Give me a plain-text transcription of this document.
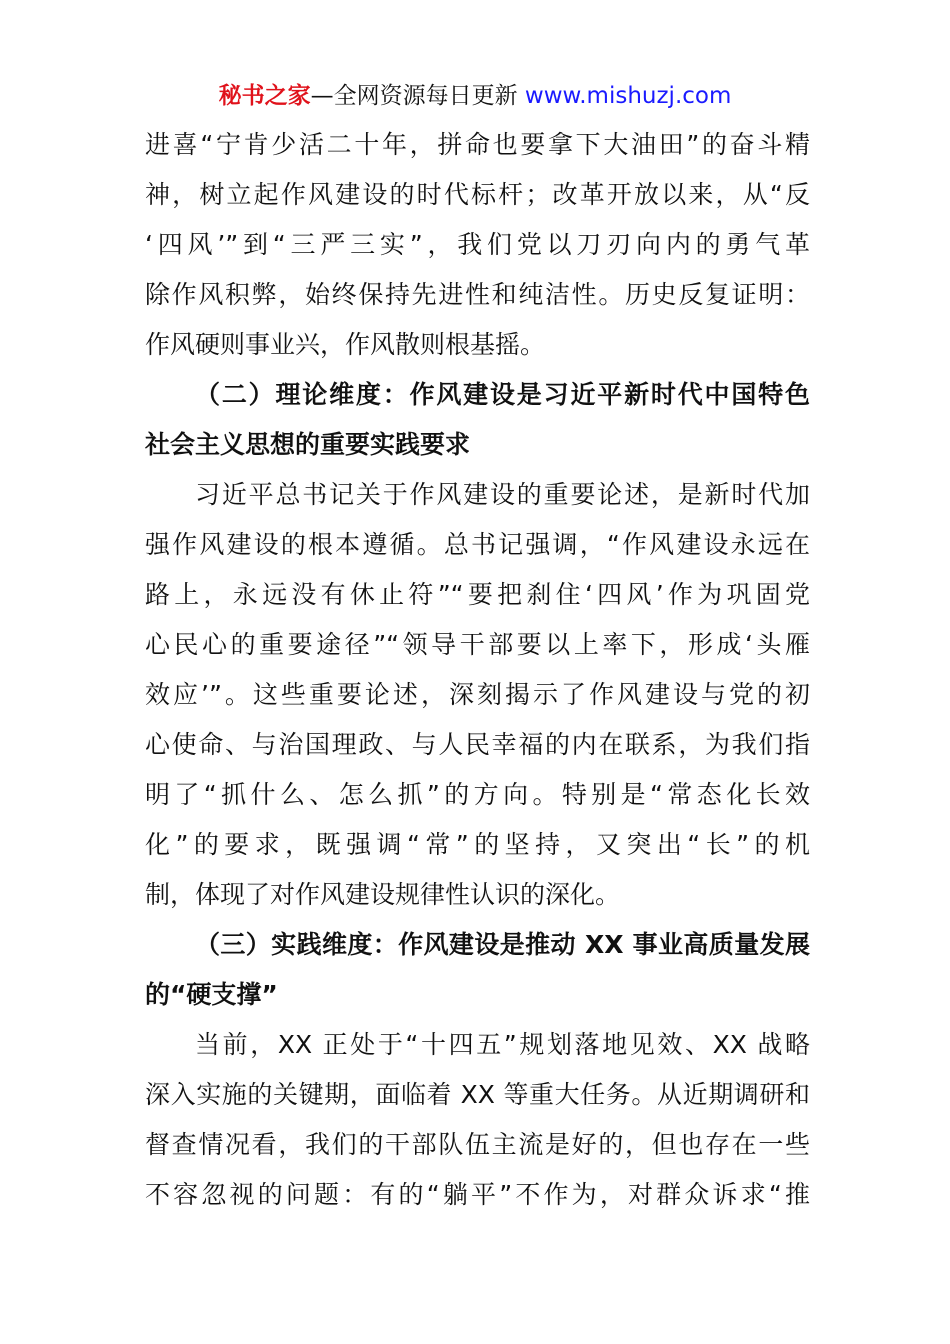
秘书之家—全网资源每日更新 www.mishuzj.com
进喜“宁肯少活二十年，拼命也要拿下大油田”的奋斗精
神，树立起作风建设的时代标杆；改革开放以来，从“反
‘四风’”到“三严三实”，我们党以刀刃向内的勇气革
除作风积弊，始终保持先进性和纯洁性。历史反复证明：
作风硬则事业兴，作风散则根基摇。
（二）理论维度：作风建设是习近平新时代中国特色
社会主义思想的重要实践要求
习近平总书记关于作风建设的重要论述，是新时代加
强作风建设的根本遵循。总书记强调，“作风建设永远在
路上，永远没有休止符”“要把刹住‘四风’作为巩固党
心民心的重要途径”“领导干部要以上率下，形成‘头雁
效应’”。这些重要论述，深刻揭示了作风建设与党的初
心使命、与治国理政、与人民幸福的内在联系，为我们指
明了“抓什么、怎么抓”的方向。特别是“常态化长效
化”的要求，既强调“常”的坚持，又突出“长”的机
制，体现了对作风建设规律性认识的深化。
（三）实践维度：作风建设是推动 XX 事业高质量发展
的“硬支撑”
当前，XX 正处于“十四五”规划落地见效、XX 战略
深入实施的关键期，面临着 XX 等重大任务。从近期调研和
督查情况看，我们的干部队伍主流是好的，但也存在一些
不容忽视的问题：有的“躺平”不作为，对群众诉求“推
